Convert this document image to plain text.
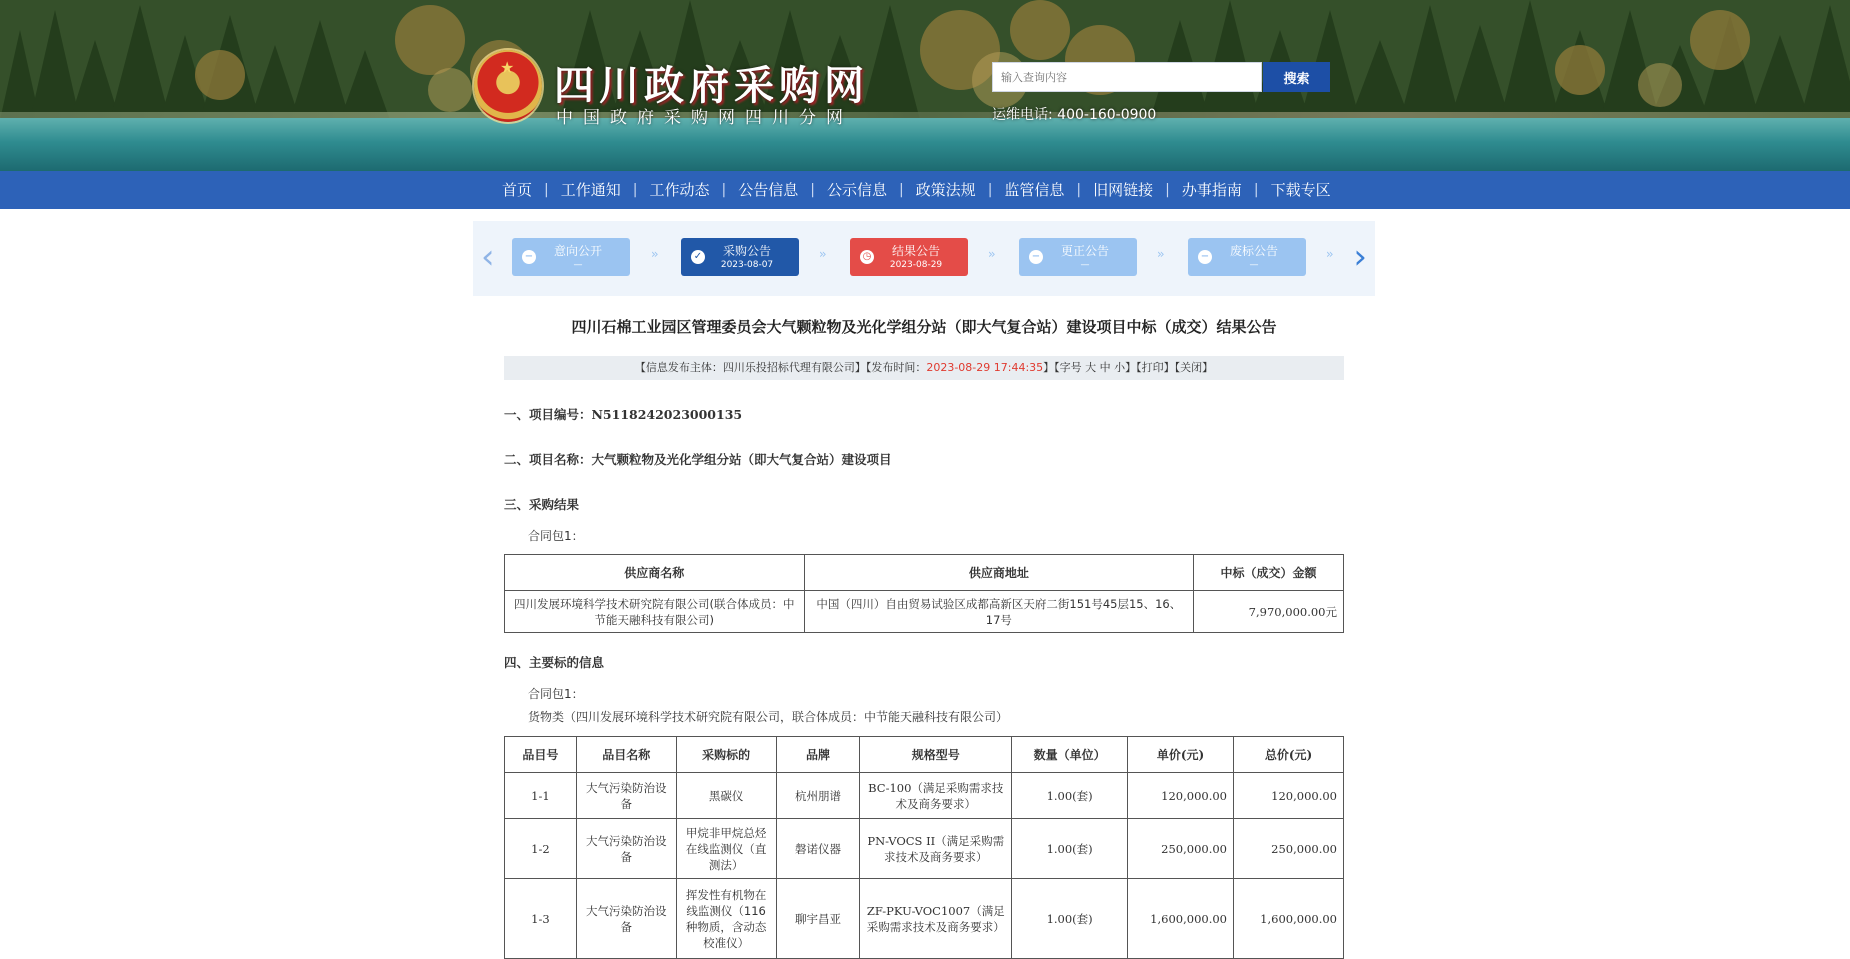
★ 四川政府采购网
中国政府采购网四川分网
输入查询内容
搜索
运维电话: 400-160-0900
首页 | 工作通知 | 工作动态 | 公告信息 | 公示信息 | 政策法规 | 监管信息 | 旧网链接 | 办事指南 | 下载专区
‹	−	意向公开
—
››	✓	采购公告
2023-08-07
››	◷	结果公告
2023-08-29
››	−	更正公告
—
››	−	废标公告
—
›› ›
四川石棉工业园区管理委员会大气颗粒物及光化学组分站（即大气复合站）建设项目中标（成交）结果公告
【信息发布主体：四川乐投招标代理有限公司】【发布时间：2023-08-29 17:44:35】【字号 大 中 小】【打印】【关闭】
一、项目编号：N5118242023000135
二、项目名称：大气颗粒物及光化学组分站（即大气复合站）建设项目
三、采购结果
合同包1：
供应商名称	供应商地址	中标（成交）金额
四川发展环境科学技术研究院有限公司(联合体成员：中节能天融科技有限公司)	中国（四川）自由贸易试验区成都高新区天府二街151号45层15、16、17号	7,970,000.00元
四、主要标的信息
合同包1：
货物类（四川发展环境科学技术研究院有限公司，联合体成员：中节能天融科技有限公司）
品目号	品目名称	采购标的	品牌	规格型号	数量（单位）	单价(元)	总价(元)
1-1	大气污染防治设备	黑碳仪	杭州朋谱	BC-100（满足采购需求技术及商务要求）	1.00(套)	120,000.00	120,000.00
1-2	大气污染防治设备	甲烷非甲烷总烃在线监测仪（直测法）	磐诺仪器	PN-VOCS II（满足采购需求技术及商务要求）	1.00(套)	250,000.00	250,000.00
1-3	大气污染防治设备	挥发性有机物在线监测仪（116种物质，含动态校准仪）	聊宇昌亚	ZF-PKU-VOC1007（满足采购需求技术及商务要求）	1.00(套)	1,600,000.00	1,600,000.00
